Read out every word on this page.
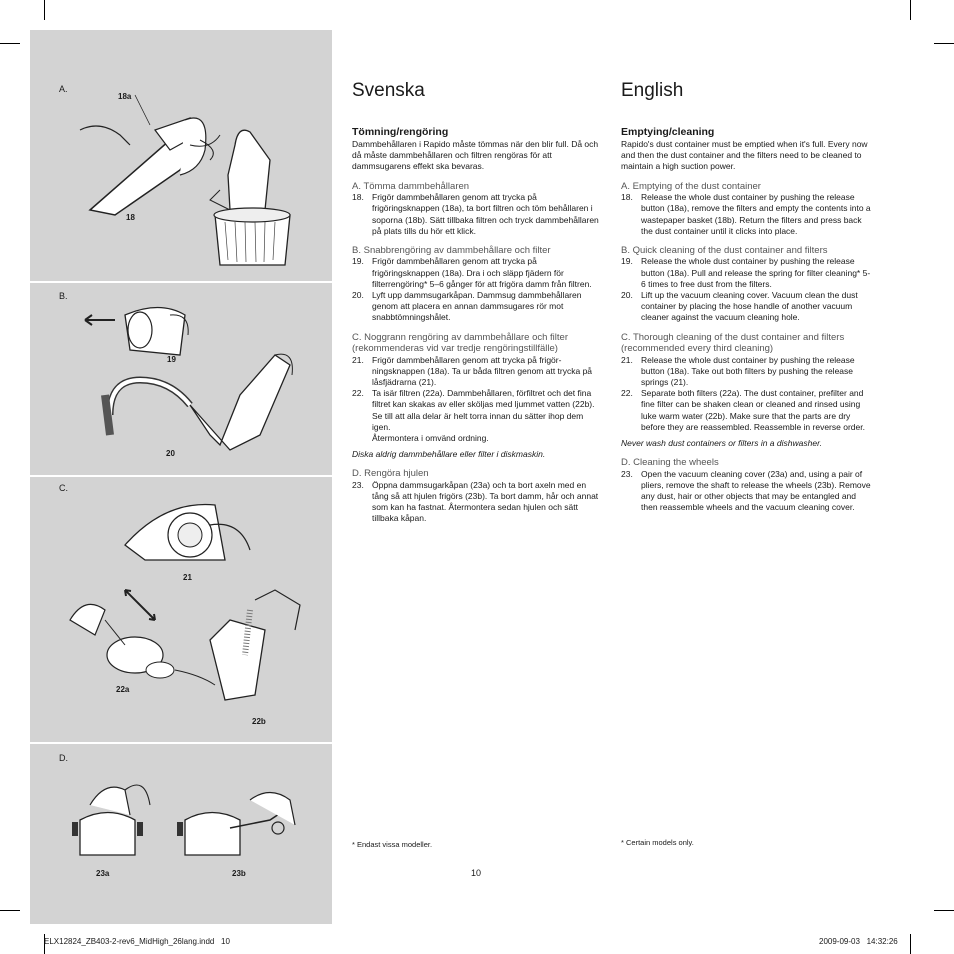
A.
18a
18
B.
19
20
C.
21
22a
22b
D.
23a	23b
Svenska
Tömning/rengöring
Dammbehållaren i Rapido måste tömmas när den blir full. Då och då måste dammbehållaren och filtren rengöras för att dammsugarens effekt ska bevaras.
A. Tömma dammbehållaren
18. Frigör dammbehållaren genom att trycka på frigöringsknappen (18a), ta bort filtren och töm behållaren i soporna (18b). Sätt tillbaka filtren och tryck dammbehållaren på plats tills du hör ett klick.
B. Snabbrengöring av dammbehållare och filter
19. Frigör dammbehållaren genom att trycka på frigöringsknappen (18a). Dra i och släpp fjädern för filterrengöring* 5–6 gånger för att frigöra damm från filtren.
20. Lyft upp dammsugarkåpan. Dammsug dammbehållaren genom att placera en annan dammsugares rör mot snabbtömningshålet.
C. Noggrann rengöring av dammbehållare och filter (rekommenderas vid var tredje rengöringstillfälle)
21. Frigör dammbehållaren genom att trycka på frigörningsknappen (18a). Ta ur båda filtren genom att trycka på låsfjädrarna (21).
22. Ta isär filtren (22a). Dammbehållaren, förfiltret och det fina filtret kan skakas av eller sköljas med ljummet vatten (22b). Se till att alla delar är helt torra innan du sätter ihop dem igen.
Återmontera i omvänd ordning.
Diska aldrig dammbehållare eller filter i diskmaskin.
D. Rengöra hjulen
23. Öppna dammsugarkåpan (23a) och ta bort axeln med en tång så att hjulen frigörs (23b). Ta bort damm, hår och annat som kan ha fastnat. Återmontera sedan hjulen och sätt tillbaka kåpan.
English
Emptying/cleaning
Rapido's dust container must be emptied when it's full. Every now and then the dust container and the filters need to be cleaned to maintain a high suction power.
A. Emptying of the dust container
18. Release the whole dust container by pushing the release button (18a), remove the filters and empty the contents into a wastepaper basket (18b). Return the filters and press back the dust container until it clicks into place.
B. Quick cleaning of the dust container and filters
19. Release the whole dust container by pushing the release button (18a). Pull and release the spring for filter cleaning* 5-6 times to free dust from the filters.
20. Lift up the vacuum cleaning cover. Vacuum clean the dust container by placing the hose handle of another vacuum cleaner against the vacuum cleaning hole.
C. Thorough cleaning of the dust container and filters (recommended every third cleaning)
21. Release the whole dust container by pushing the release button (18a). Take out both filters by pushing the release springs (21).
22. Separate both filters (22a). The dust container, prefilter and fine filter can be shaken clean or cleaned and rinsed using luke warm water (22b). Make sure that the parts are dry before they are reassembled. Reassemble in reverse order.
Never wash dust containers or filters in a dishwasher.
D. Cleaning the wheels
23. Open the vacuum cleaning cover (23a) and, using a pair of pliers, remove the shaft to release the wheels (23b). Remove any dust, hair or other objects that may be entangled and then reassemble wheels and the vacuum cleaning cover.
* Endast vissa modeller.	* Certain models only.
10
ELX12824_ZB403-2-rev6_MidHigh_26lang.indd   10	2009-09-03   14:32:26
